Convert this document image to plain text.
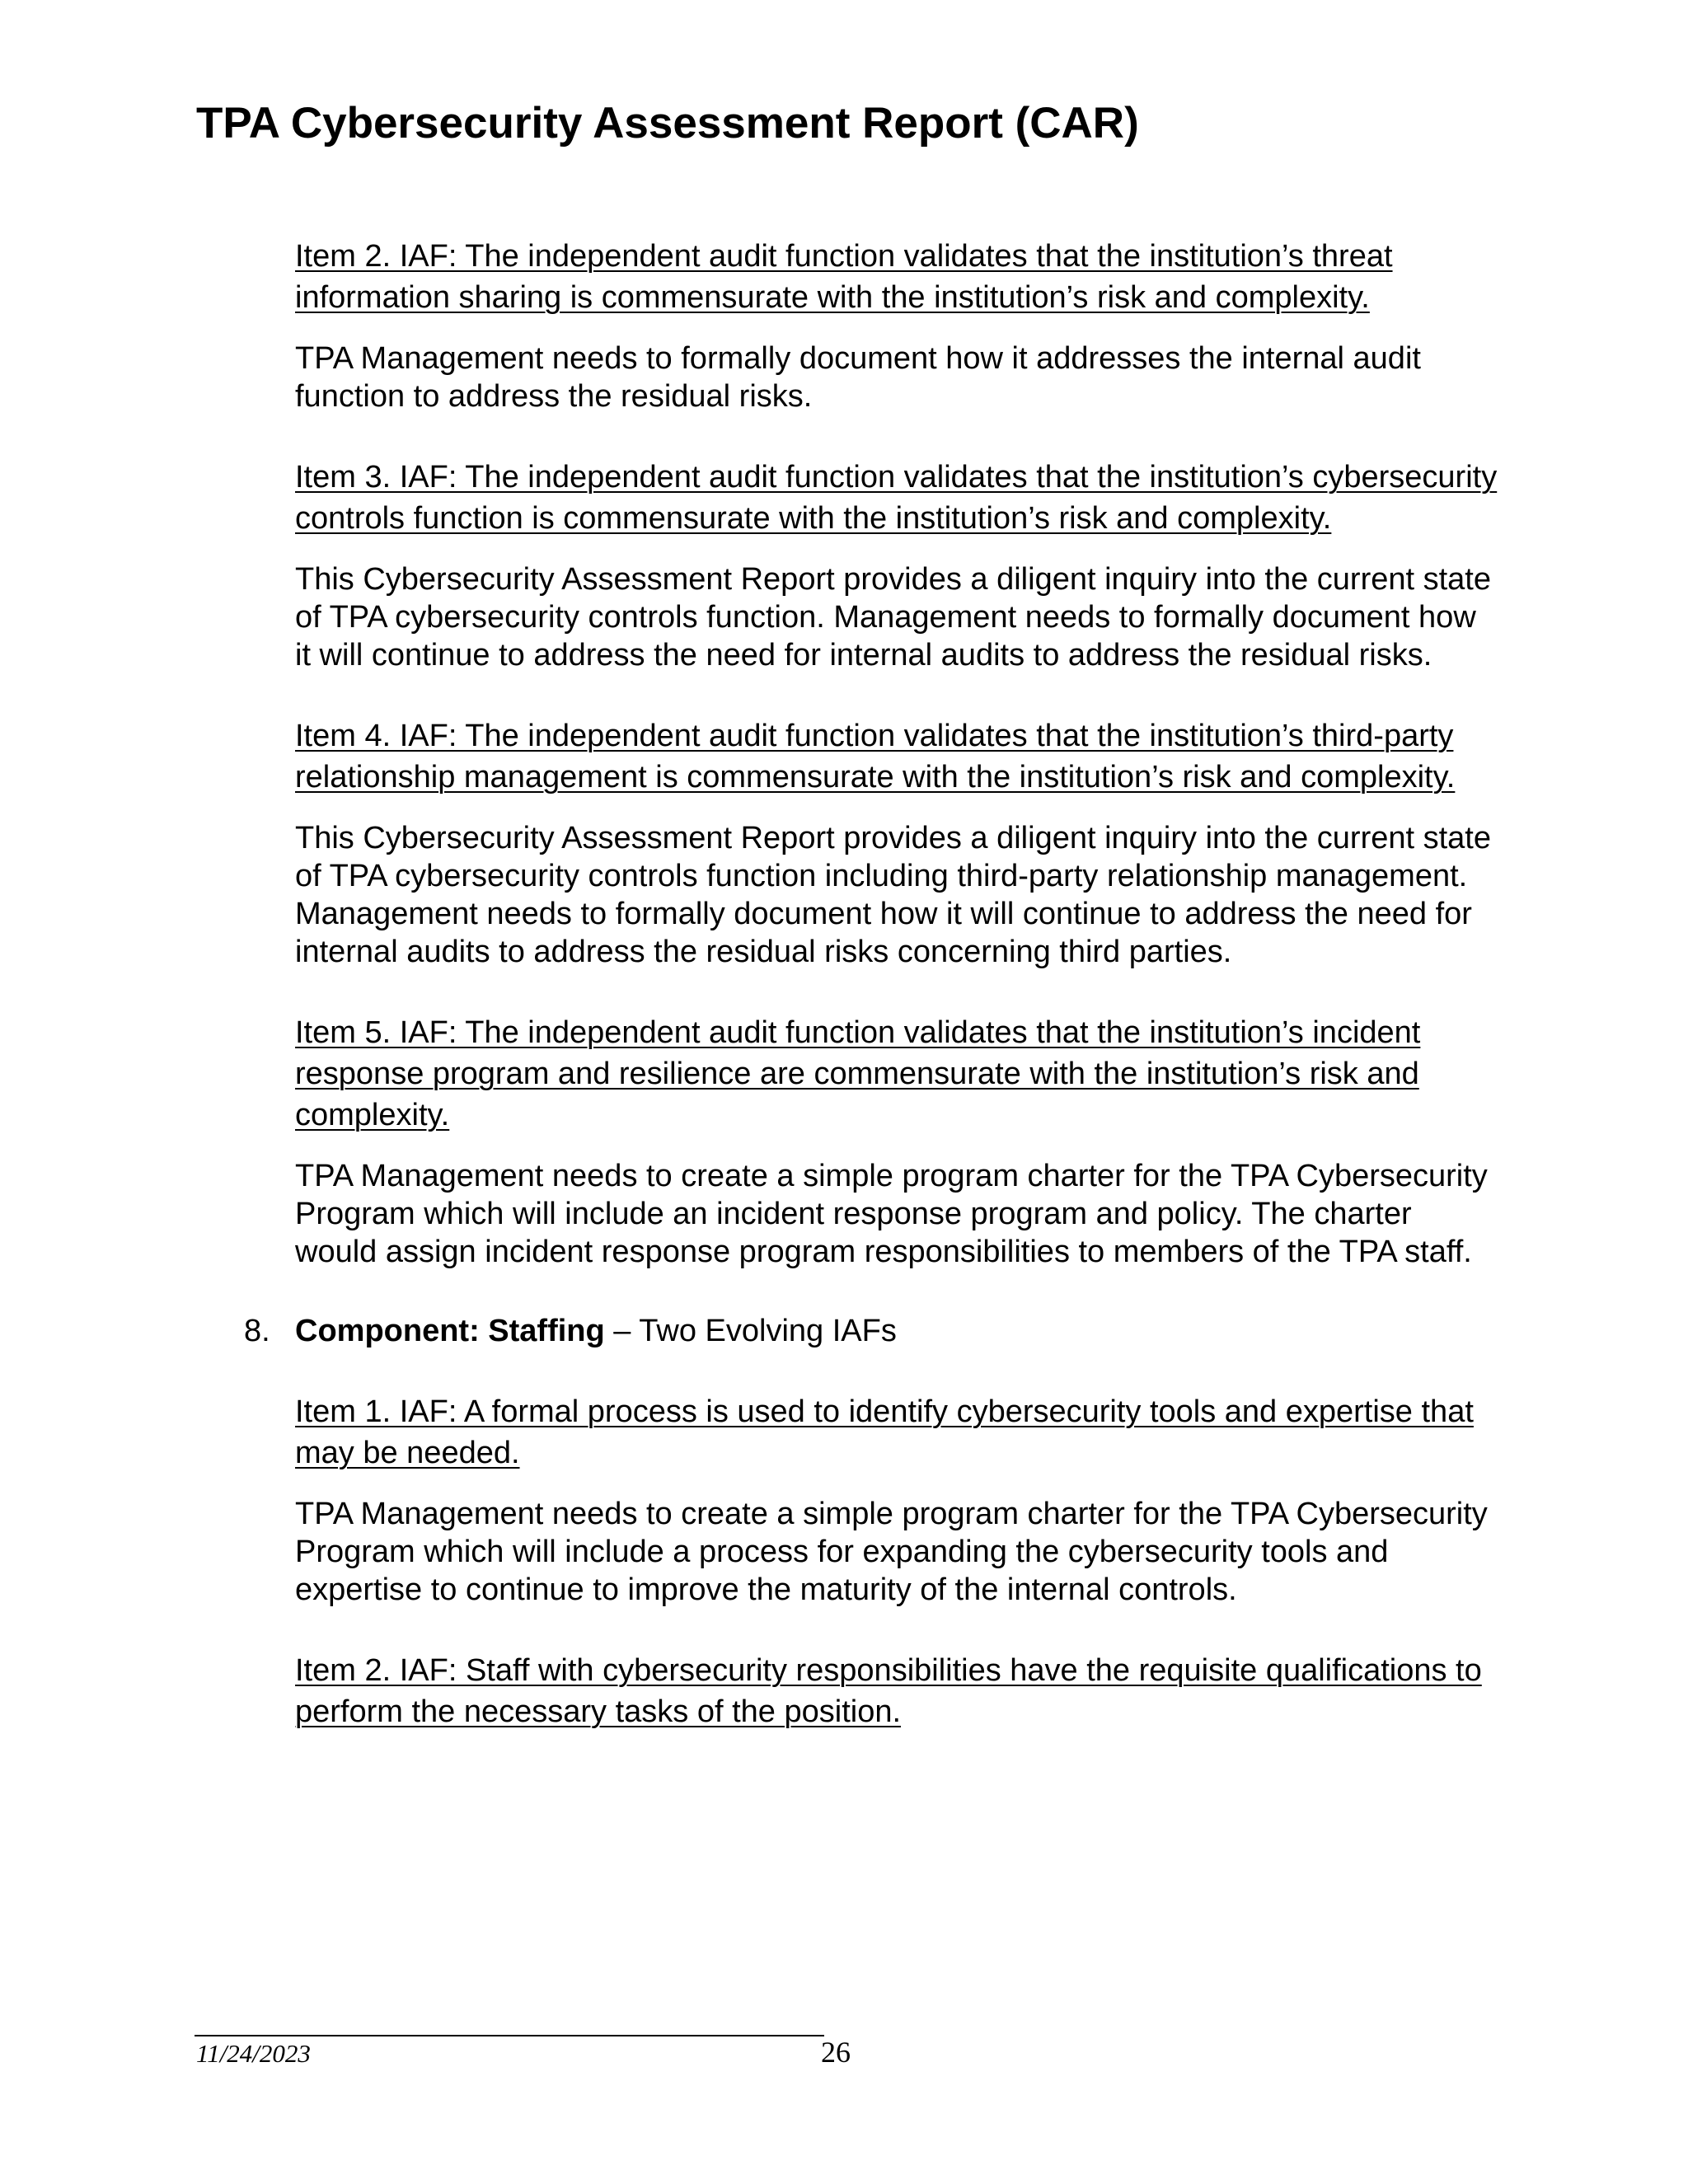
TPA Cybersecurity Assessment Report (CAR)

Item 2. IAF: The independent audit function validates that the institution’s threat information sharing is commensurate with the institution’s risk and complexity.

TPA Management needs to formally document how it addresses the internal audit function to address the residual risks.

Item 3. IAF: The independent audit function validates that the institution’s cybersecurity controls function is commensurate with the institution’s risk and complexity.

This Cybersecurity Assessment Report provides a diligent inquiry into the current state of TPA cybersecurity controls function. Management needs to formally document how it will continue to address the need for internal audits to address the residual risks.

Item 4. IAF: The independent audit function validates that the institution’s third-party relationship management is commensurate with the institution’s risk and complexity.

This Cybersecurity Assessment Report provides a diligent inquiry into the current state of TPA cybersecurity controls function including third-party relationship management. Management needs to formally document how it will continue to address the need for internal audits to address the residual risks concerning third parties.

Item 5. IAF: The independent audit function validates that the institution’s incident response program and resilience are commensurate with the institution’s risk and complexity.

TPA Management needs to create a simple program charter for the TPA Cybersecurity Program which will include an incident response program and policy. The charter would assign incident response program responsibilities to members of the TPA staff.

8. Component: Staffing – Two Evolving IAFs

Item 1. IAF: A formal process is used to identify cybersecurity tools and expertise that may be needed.

TPA Management needs to create a simple program charter for the TPA Cybersecurity Program which will include a process for expanding the cybersecurity tools and expertise to continue to improve the maturity of the internal controls.

Item 2. IAF: Staff with cybersecurity responsibilities have the requisite qualifications to perform the necessary tasks of the position.

11/24/2023	26
